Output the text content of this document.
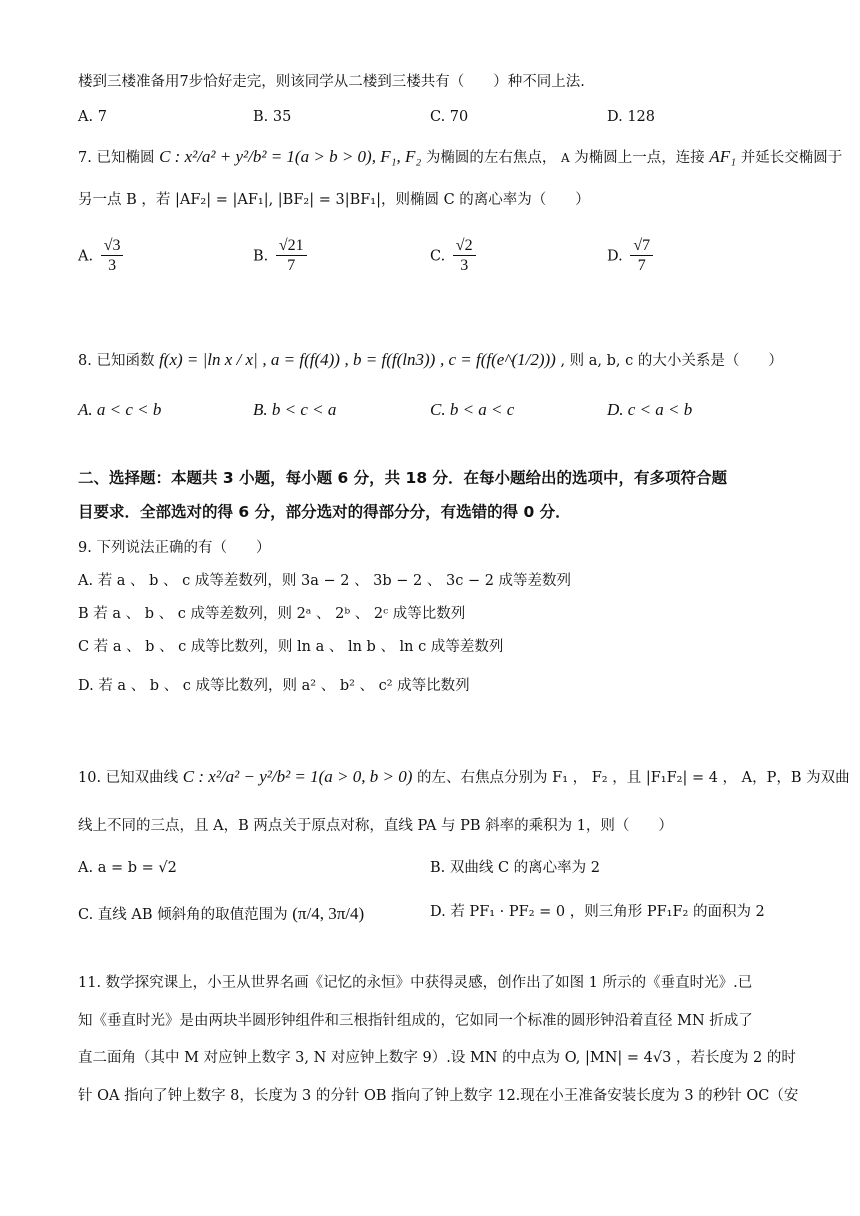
楼到三楼准备用7步恰好走完，则该同学从二楼到三楼共有（　　）种不同上法.
A. 7	B. 35	C. 70	D. 128
7. 已知椭圆 C : x²/a² + y²/b² = 1(a > b > 0), F₁, F₂ 为椭圆的左右焦点， A 为椭圆上一点，连接 AF₁ 并延长交椭圆于
另一点 B ，若 |AF₂| = |AF₁|, |BF₂| = 3|BF₁|，则椭圆 C 的离心率为（　　）
A. $\frac{√3}{3}$	B. $\frac{√21}{7}$	C. $\frac{√2}{3}$	D. $\frac{√7}{7}$
8. 已知函数 f(x) = |ln x / x| , a = f(f(4)) , b = f(f(ln3)) , c = f(f(e^(1/2))) , 则 a, b, c 的大小关系是（　　）
A. a < c < b	B. b < c < a	C. b < a < c	D. c < a < b
二、选择题：本题共 3 小题，每小题 6 分，共 18 分．在每小题给出的选项中，有多项符合题
目要求．全部选对的得 6 分，部分选对的得部分分，有选错的得 0 分．
9. 下列说法正确的有（　　）
A. 若 a 、 b 、 c 成等差数列，则 3a − 2 、 3b − 2 、 3c − 2 成等差数列
B 若 a 、 b 、 c 成等差数列，则 2ᵃ 、 2ᵇ 、 2ᶜ 成等比数列
C 若 a 、 b 、 c 成等比数列，则 ln a 、 ln b 、 ln c 成等差数列
D. 若 a 、 b 、 c 成等比数列，则 a² 、 b² 、 c² 成等比数列
10. 已知双曲线 C : x²/a² − y²/b² = 1(a > 0, b > 0) 的左、右焦点分别为 F₁ ， F₂ ，且 |F₁F₂| = 4 ， A，P，B 为双曲
线上不同的三点，且 A，B 两点关于原点对称，直线 PA 与 PB 斜率的乘积为 1，则（　　）
A. a = b = √2	B. 双曲线 C 的离心率为 2
C. 直线 AB 倾斜角的取值范围为 (π/4, 3π/4)	D. 若 PF₁ · PF₂ = 0 ，则三角形 PF₁F₂ 的面积为 2
11. 数学探究课上，小王从世界名画《记忆的永恒》中获得灵感，创作出了如图 1 所示的《垂直时光》.已
知《垂直时光》是由两块半圆形钟组件和三根指针组成的，它如同一个标准的圆形钟沿着直径 MN 折成了
直二面角（其中 M 对应钟上数字 3, N 对应钟上数字 9）.设 MN 的中点为 O, |MN| = 4√3 ，若长度为 2 的时
针 OA 指向了钟上数字 8，长度为 3 的分针 OB 指向了钟上数字 12.现在小王准备安装长度为 3 的秒针 OC（安
